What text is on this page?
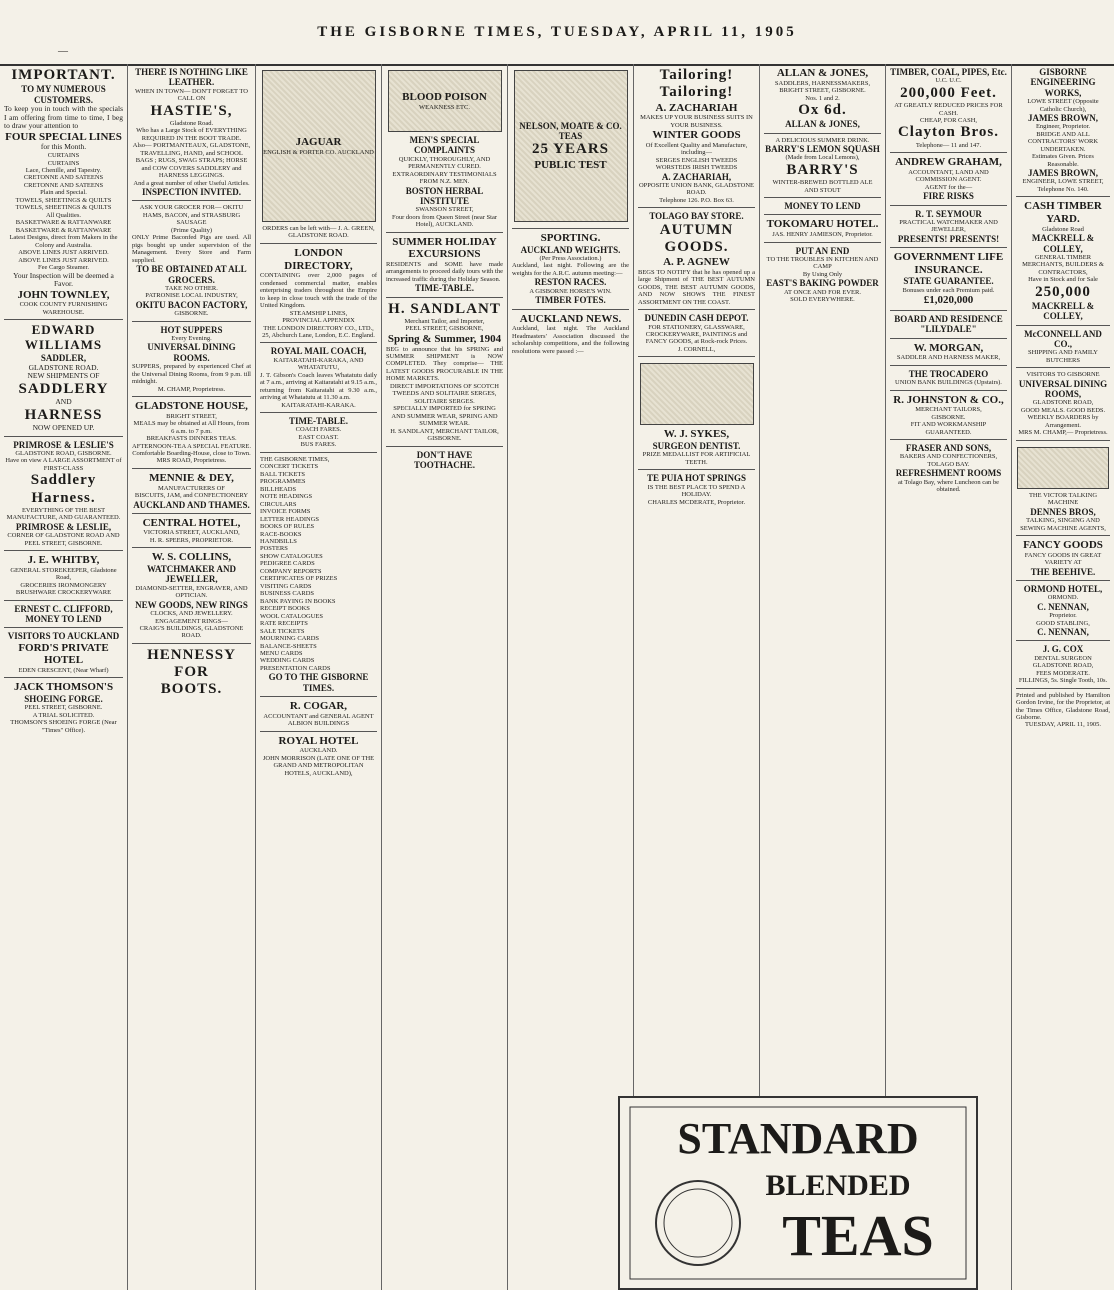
—
THE GISBORNE TIMES, TUESDAY, APRIL 11, 1905
IMPORTANT.
TO MY NUMEROUS CUSTOMERS.
To keep you in touch with the specials I am offering from time to time, I beg to draw your attention to
FOUR SPECIAL LINES
for this Month.
CURTAINS
CURTAINS
Lace, Chenille, and Tapestry.
CRETONNE AND SATEENS
CRETONNE AND SATEENS
Plain and Special.
TOWELS, SHEETINGS & QUILTS
TOWELS, SHEETINGS & QUILTS
All Qualities.
BASKETWARE & RATTANWARE
BASKETWARE & RATTANWARE
Latest Designs, direct from Makers in the Colony and Australia.
ABOVE LINES JUST ARRIVED.
ABOVE LINES JUST ARRIVED.
Fee Cargo Steamer.
Your Inspection will be deemed a Favor.
JOHN TOWNLEY,
COOK COUNTY FURNISHING WAREHOUSE.
EDWARD WILLIAMS
SADDLER,
GLADSTONE ROAD.
NEW SHIPMENTS OF
SADDLERY
AND
HARNESS
NOW OPENED UP.
PRIMROSE & LESLIE'S
GLADSTONE ROAD, GISBORNE.
Have on view A LARGE ASSORTMENT of FIRST-CLASS
Saddlery
Harness.
EVERYTHING OF THE BEST MANUFACTURE, AND GUARANTEED.
PRIMROSE & LESLIE,
CORNER OF GLADSTONE ROAD AND PEEL STREET, GISBORNE.
J. E. WHITBY,
GENERAL STOREKEEPER, Gladstone Road,
GROCERIES IRONMONGERY BRUSHWARE CROCKERYWARE
ERNEST C. CLIFFORD,
MONEY TO LEND
VISITORS TO AUCKLAND
FORD'S PRIVATE HOTEL
EDEN CRESCENT, (Near Wharf)
JACK THOMSON'S
SHOEING FORGE.
PEEL STREET, GISBORNE.
A TRIAL SOLICITED.
THOMSON'S SHOEING FORGE (Near "Times" Office).
THERE IS NOTHING LIKE LEATHER.
WHEN IN TOWN— DON'T FORGET TO CALL ON
HASTIE'S,
Gladstone Road.
Who has a Large Stock of EVERYTHING REQUIRED IN THE BOOT TRADE.
Also— PORTMANTEAUX, GLADSTONE, TRAVELLING, HAND, and SCHOOL BAGS ; RUGS, SWAG STRAPS; HORSE and COW COVERS SADDLERY and HARNESS LEGGINGS.
And a great number of other Useful Articles.
INSPECTION INVITED.
ASK YOUR GROCER FOR— OKITU HAMS, BACON, and STRASBURG SAUSAGE
(Prime Quality)
ONLY Prime Baconfed Pigs are used. All pigs bought up under supervision of the Management. Every Store and Farm supplied.
TO BE OBTAINED AT ALL GROCERS.
TAKE NO OTHER.
PATRONISE LOCAL INDUSTRY,
OKITU BACON FACTORY,
GISBORNE.
HOT SUPPERS
Every Evening.
UNIVERSAL DINING ROOMS.
SUPPERS, prepared by experienced Chef at the Universal Dining Rooms, from 9 p.m. till midnight.
M. CHAMP, Proprietress.
GLADSTONE HOUSE,
BRIGHT STREET,
MEALS may be obtained at All Hours, from 6 a.m. to 7 p.m.
BREAKFASTS DINNERS TEAS.
AFTERNOON-TEA A SPECIAL FEATURE.
Comfortable Boarding-House, close to Town.
MRS ROAD, Proprietress.
MENNIE & DEY,
MANUFACTURERS OF
BISCUITS, JAM, and CONFECTIONERY
AUCKLAND AND THAMES.
CENTRAL HOTEL,
VICTORIA STREET, AUCKLAND,
H. R. SPEERS, PROPRIETOR.
W. S. COLLINS,
WATCHMAKER AND JEWELLER,
DIAMOND-SETTER, ENGRAVER, AND OPTICIAN.
NEW GOODS, NEW RINGS
CLOCKS, AND JEWELLERY.
ENGAGEMENT RINGS—
CRAIG'S BUILDINGS, GLADSTONE ROAD.
HENNESSY
FOR
BOOTS.
JAGUAR
ENGLISH & PORTER CO. AUCKLAND
ORDERS can be left with— J. A. GREEN, GLADSTONE ROAD.
LONDON DIRECTORY,
CONTAINING over 2,000 pages of condensed commercial matter, enables enterprising traders throughout the Empire to keep in close touch with the trade of the United Kingdom.
STEAMSHIP LINES,
PROVINCIAL APPENDIX
THE LONDON DIRECTORY CO., LTD., 25, Abchurch Lane, London, E.C. England.
ROYAL MAIL COACH,
KAITARATAHI-KARAKA, AND WHATATUTU,
J. T. Gibson's Coach leaves Whatatutu daily at 7 a.m., arriving at Kaitaratahi at 9.15 a.m., returning from Kaitaratahi at 9.30 a.m., arriving at Whatatutu at 11.30 a.m.
KAITARATAHI-KARAKA.
TIME-TABLE.
COACH FARES.
EAST COAST.
BUS FARES.
THE GISBORNE TIMES,
CONCERT TICKETS
BALL TICKETS
PROGRAMMES
BILLHEADS
NOTE HEADINGS
CIRCULARS
INVOICE FORMS
LETTER HEADINGS
BOOKS OF RULES
RACE-BOOKS
HANDBILLS
POSTERS
SHOW CATALOGUES
PEDIGREE CARDS
COMPANY REPORTS
CERTIFICATES OF PRIZES
VISITING CARDS
BUSINESS CARDS
BANK PAYING IN BOOKS
RECEIPT BOOKS
WOOL CATALOGUES
RATE RECEIPTS
SALE TICKETS
MOURNING CARDS
BALANCE-SHEETS
MENU CARDS
WEDDING CARDS
PRESENTATION CARDS
GO TO THE GISBORNE TIMES.
R. COGAR,
ACCOUNTANT and GENERAL AGENT
ALBION BUILDINGS
ROYAL HOTEL
AUCKLAND.
JOHN MORRISON (LATE ONE OF THE GRAND AND METROPOLITAN HOTELS, AUCKLAND),
BLOOD POISON
WEAKNESS ETC.
MEN'S SPECIAL COMPLAINTS
QUICKLY, THOROUGHLY, AND PERMANENTLY CURED.
EXTRAORDINARY TESTIMONIALS FROM N.Z. MEN.
BOSTON HERBAL INSTITUTE
SWANSON STREET,
Four doors from Queen Street (near Star Hotel), AUCKLAND.
SUMMER HOLIDAY EXCURSIONS
RESIDENTS and SOME have made arrangements to proceed daily tours with the increased traffic during the Holiday Season.
TIME-TABLE.
H. SANDLANT
Merchant Tailor, and Importer,
PEEL STREET, GISBORNE,
Spring & Summer, 1904
BEG to announce that his SPRING and SUMMER SHIPMENT is NOW COMPLETED. They comprise— THE LATEST GOODS PROCURABLE IN THE HOME MARKETS.
DIRECT IMPORTATIONS OF SCOTCH TWEEDS AND SOLITAIRE SERGES, SOLITAIRE SERGES.
SPECIALLY IMPORTED for SPRING AND SUMMER WEAR, SPRING AND SUMMER WEAR.
H. SANDLANT, MERCHANT TAILOR, GISBORNE.
DON'T HAVE TOOTHACHE.
NELSON, MOATE & CO. TEAS
25 YEARS
PUBLIC TEST
SPORTING.
AUCKLAND WEIGHTS.
(Per Press Association.)
Auckland, last night. Following are the weights for the A.R.C. autumn meeting:—
RESTON RACES.
A GISBORNE HORSE'S WIN.
TIMBER FOTES.
AUCKLAND NEWS.
Auckland, last night. The Auckland Headmasters' Association discussed the scholarship competitions, and the following resolutions were passed :—
Tailoring! Tailoring!
A. ZACHARIAH
MAKES UP YOUR BUSINESS SUITS IN YOUR BUSINESS.
WINTER GOODS
Of Excellent Quality and Manufacture, including—
SERGES ENGLISH TWEEDS WORSTEDS IRISH TWEEDS
A. ZACHARIAH,
OPPOSITE UNION BANK, GLADSTONE ROAD.
Telephone 126. P.O. Box 63.
TOLAGO BAY STORE.
AUTUMN GOODS.
A. P. AGNEW
BEGS TO NOTIFY that he has opened up a large Shipment of THE BEST AUTUMN GOODS, THE BEST AUTUMN GOODS, AND NOW SHOWS THE FINEST ASSORTMENT ON THE COAST.
DUNEDIN CASH DEPOT.
FOR STATIONERY, GLASSWARE, CROCKERYWARE, PAINTINGS and FANCY GOODS, at Rock-rock Prices.
J. CORNELL,
W. J. SYKES,
SURGEON DENTIST.
PRIZE MEDALLIST FOR ARTIFICIAL TEETH.
TE PUIA HOT SPRINGS
IS THE BEST PLACE TO SPEND A HOLIDAY.
CHARLES MCDERATE, Proprietor.
ALLAN & JONES,
SADDLERS, HARNESSMAKERS, BRIGHT STREET, GISBORNE.
Nos. 1 and 2.
Ox 6d.
ALLAN & JONES,
A DELICIOUS SUMMER DRINK.
BARRY'S LEMON SQUASH
(Made from Local Lemons),
BARRY'S
WINTER-BREWED BOTTLED ALE
AND STOUT
MONEY TO LEND
TOKOMARU HOTEL.
JAS. HENRY JAMIESON, Proprietor.
PUT AN END
TO THE TROUBLES IN KITCHEN AND CAMP
By Using Only
EAST'S BAKING POWDER
AT ONCE AND FOR EVER.
SOLD EVERYWHERE.
TIMBER, COAL, PIPES, Etc.
U.C. U.C.
200,000 Feet.
AT GREATLY REDUCED PRICES FOR CASH.
CHEAP, FOR CASH,
Clayton Bros.
Telephone— 11 and 147.
ANDREW GRAHAM,
ACCOUNTANT, LAND AND COMMISSION AGENT.
AGENT for the—
FIRE RISKS
R. T. SEYMOUR
PRACTICAL WATCHMAKER AND JEWELLER,
PRESENTS! PRESENTS!
GOVERNMENT LIFE INSURANCE.
STATE GUARANTEE.
Bonuses under each Premium paid.
£1,020,000
BOARD AND RESIDENCE
"LILYDALE"
W. MORGAN,
SADDLER AND HARNESS MAKER,
THE TROCADERO
UNION BANK BUILDINGS (Upstairs).
R. JOHNSTON & CO.,
MERCHANT TAILORS,
GISBORNE.
FIT AND WORKMANSHIP GUARANTEED.
FRASER AND SONS,
BAKERS AND CONFECTIONERS, TOLAGO BAY.
REFRESHMENT ROOMS
at Tolago Bay, where Luncheon can be obtained.
GISBORNE ENGINEERING WORKS,
LOWE STREET (Opposite Catholic Church),
JAMES BROWN,
Engineer, Proprietor.
BRIDGE AND ALL CONTRACTORS' WORK UNDERTAKEN.
Estimates Given. Prices Reasonable.
JAMES BROWN,
ENGINEER, LOWE STREET,
Telephone No. 140.
CASH TIMBER YARD.
Gladstone Road
MACKRELL & COLLEY,
GENERAL TIMBER MERCHANTS, BUILDERS & CONTRACTORS,
Have in Stock and for Sale
250,000
MACKRELL & COLLEY,
McCONNELL AND CO.,
SHIPPING AND FAMILY BUTCHERS
VISITORS TO GISBORNE
UNIVERSAL DINING ROOMS,
GLADSTONE ROAD,
GOOD MEALS. GOOD BEDS.
WEEKLY BOARDERS by Arrangement.
MRS M. CHAMP,— Proprietress.
THE VICTOR TALKING MACHINE
DENNES BROS,
TALKING, SINGING AND SEWING MACHINE AGENTS,
FANCY GOODS
FANCY GOODS IN GREAT VARIETY AT
THE BEEHIVE.
ORMOND HOTEL,
ORMOND.
C. NENNAN,
Proprietor.
GOOD STABLING,
C. NENNAN,
J. G. COX
DENTAL SURGEON
GLADSTONE ROAD,
FEES MODERATE.
FILLINGS, 5s. Single Tooth, 10s.
Printed and published by Hamilton Gordon Irvine, for the Proprietor, at the Times Office, Gladstone Road, Gisborne.
TUESDAY, APRIL 11, 1905.
STANDARD
BLENDED
TEAS
